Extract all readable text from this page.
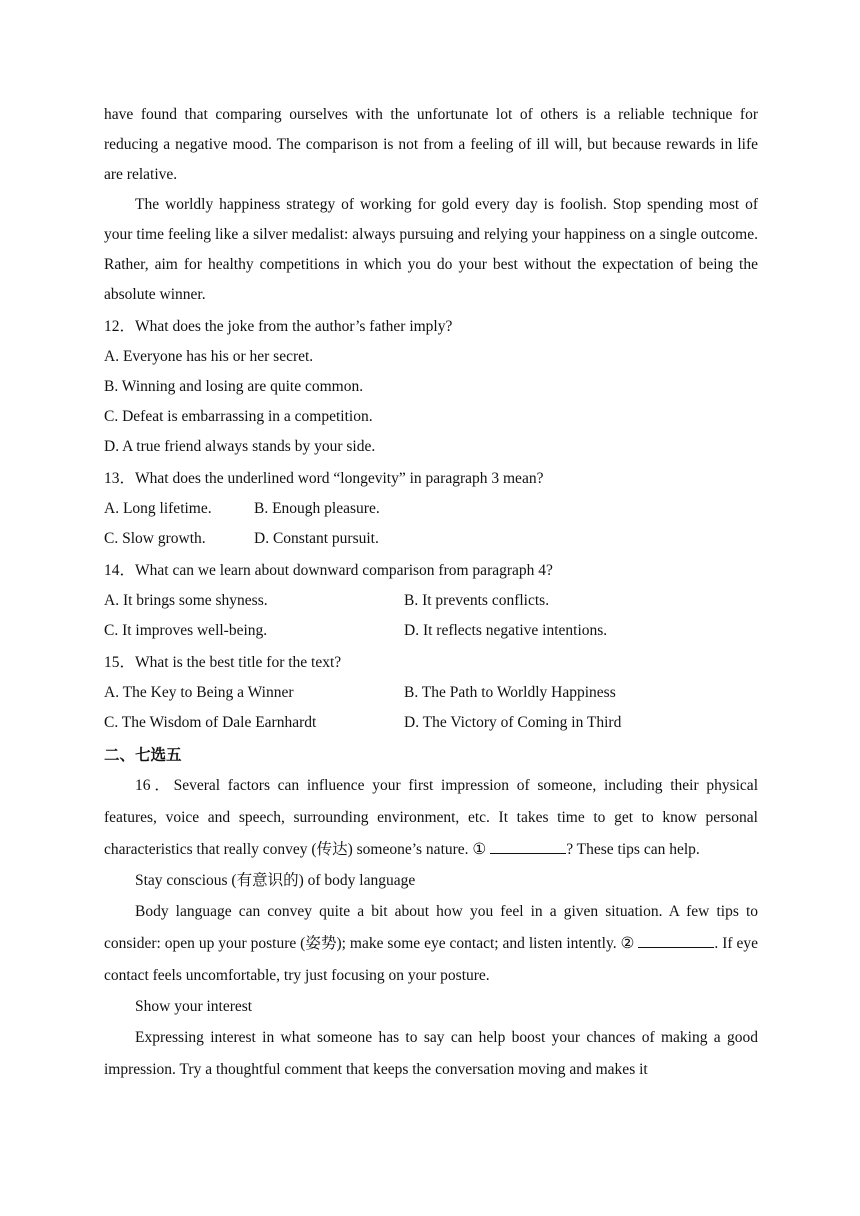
have found that comparing ourselves with the unfortunate lot of others is a reliable technique for reducing a negative mood. The comparison is not from a feeling of ill will, but because rewards in life are relative.

The worldly happiness strategy of working for gold every day is foolish. Stop spending most of your time feeling like a silver medalist: always pursuing and relying your happiness on a single outcome. Rather, aim for healthy competitions in which you do your best without the expectation of being the absolute winner.

12．What does the joke from the author’s father imply?

A. Everyone has his or her secret.

B. Winning and losing are quite common.

C. Defeat is embarrassing in a competition.

D. A true friend always stands by your side.

13．What does the underlined word “longevity” in paragraph 3 mean?

A. Long lifetime.	B. Enough pleasure.
C. Slow growth.	D. Constant pursuit.

14．What can we learn about downward comparison from paragraph 4?

A. It brings some shyness.	B. It prevents conflicts.
C. It improves well-being.	D. It reflects negative intentions.

15．What is the best title for the text?

A. The Key to Being a Winner	B. The Path to Worldly Happiness
C. The Wisdom of Dale Earnhardt	D. The Victory of Coming in Third

二、七选五

16．Several factors can influence your first impression of someone, including their physical features, voice and speech, surrounding environment, etc. It takes time to get to know personal characteristics that really convey (传达) someone’s nature. ①	? These tips can help.

Stay conscious (有意识的) of body language

Body language can convey quite a bit about how you feel in a given situation. A few tips to consider: open up your posture (姿势); make some eye contact; and listen intently. ②	. If eye contact feels uncomfortable, try just focusing on your posture.

Show your interest

Expressing interest in what someone has to say can help boost your chances of making a good impression. Try a thoughtful comment that keeps the conversation moving and makes it
